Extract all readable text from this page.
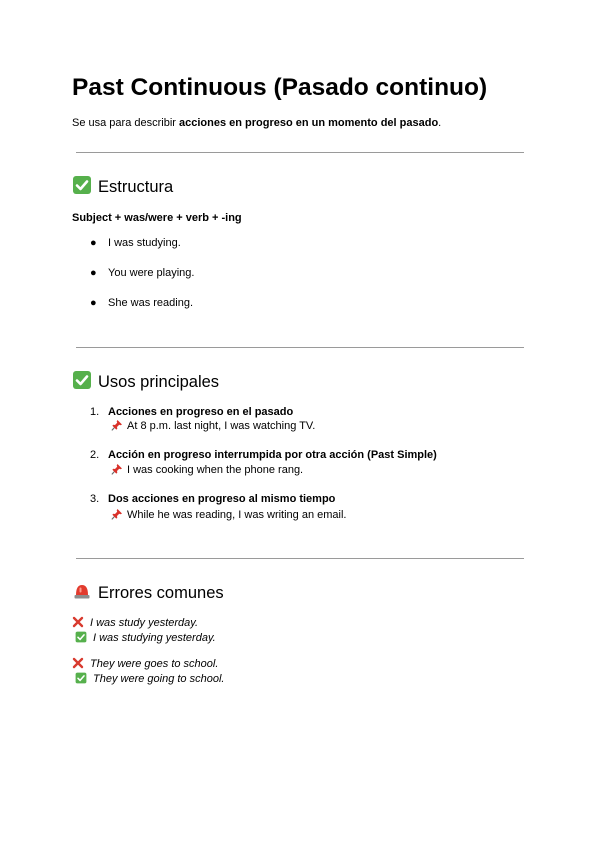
Past Continuous (Pasado continuo)
Se usa para describir acciones en progreso en un momento del pasado.
Estructura
Subject + was/were + verb + -ing
● I was studying.
● You were playing.
● She was reading.
Usos principales
1. Acciones en progreso en el pasado
At 8 p.m. last night, I was watching TV.
2. Acción en progreso interrumpida por otra acción (Past Simple)
I was cooking when the phone rang.
3. Dos acciones en progreso al mismo tiempo
While he was reading, I was writing an email.
Errores comunes
I was study yesterday.
I was studying yesterday.
They were goes to school.
They were going to school.
